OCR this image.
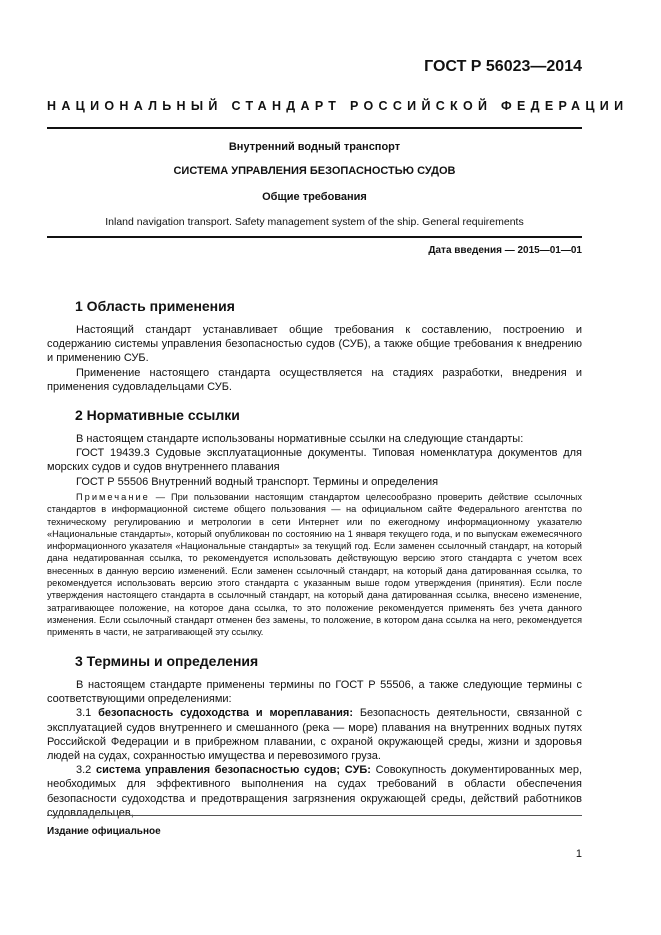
ГОСТ Р 56023—2014
НАЦИОНАЛЬНЫЙ СТАНДАРТ РОССИЙСКОЙ ФЕДЕРАЦИИ
Внутренний водный транспорт
СИСТЕМА УПРАВЛЕНИЯ БЕЗОПАСНОСТЬЮ СУДОВ
Общие требования
Inland navigation transport. Safety management system of the ship. General requirements
Дата введения — 2015—01—01
1 Область применения

Настоящий стандарт устанавливает общие требования к составлению, построению и содержанию системы управления безопасностью судов (СУБ), а также общие требования к внедрению и применению СУБ.

Применение настоящего стандарта осуществляется на стадиях разработки, внедрения и применения судовладельцами СУБ.

2 Нормативные ссылки

В настоящем стандарте использованы нормативные ссылки на следующие стандарты:

ГОСТ 19439.3 Судовые эксплуатационные документы. Типовая номенклатура документов для морских судов и судов внутреннего плавания

ГОСТ Р 55506 Внутренний водный транспорт. Термины и определения

Примечание — При пользовании настоящим стандартом целесообразно проверить действие ссылочных стандартов в информационной системе общего пользования — на официальном сайте Федерального агентства по техническому регулированию и метрологии в сети Интернет или по ежегодному информационному указателю «Национальные стандарты», который опубликован по состоянию на 1 января текущего года, и по выпускам ежемесячного информационного указателя «Национальные стандарты» за текущий год. Если заменен ссылочный стандарт, на который дана недатированная ссылка, то рекомендуется использовать действующую версию этого стандарта с учетом всех внесенных в данную версию изменений. Если заменен ссылочный стандарт, на который дана датированная ссылка, то рекомендуется использовать версию этого стандарта с указанным выше годом утверждения (принятия). Если после утверждения настоящего стандарта в ссылочный стандарт, на который дана датированная ссылка, внесено изменение, затрагивающее положение, на которое дана ссылка, то это положение рекомендуется применять без учета данного изменения. Если ссылочный стандарт отменен без замены, то положение, в котором дана ссылка на него, рекомендуется применять в части, не затрагивающей эту ссылку.

3 Термины и определения

В настоящем стандарте применены термины по ГОСТ Р 55506, а также следующие термины с соответствующими определениями:

3.1 безопасность судоходства и мореплавания: Безопасность деятельности, связанной с эксплуатацией судов внутреннего и смешанного (река — море) плавания на внутренних водных путях Российской Федерации и в прибрежном плавании, с охраной окружающей среды, жизни и здоровья людей на судах, сохранностью имущества и перевозимого груза.

3.2 система управления безопасностью судов; СУБ: Совокупность документированных мер, необходимых для эффективного выполнения на судах требований в области обеспечения безопасности судоходства и предотвращения загрязнения окружающей среды, действий работников судовладельцев,

Издание официальное
1
